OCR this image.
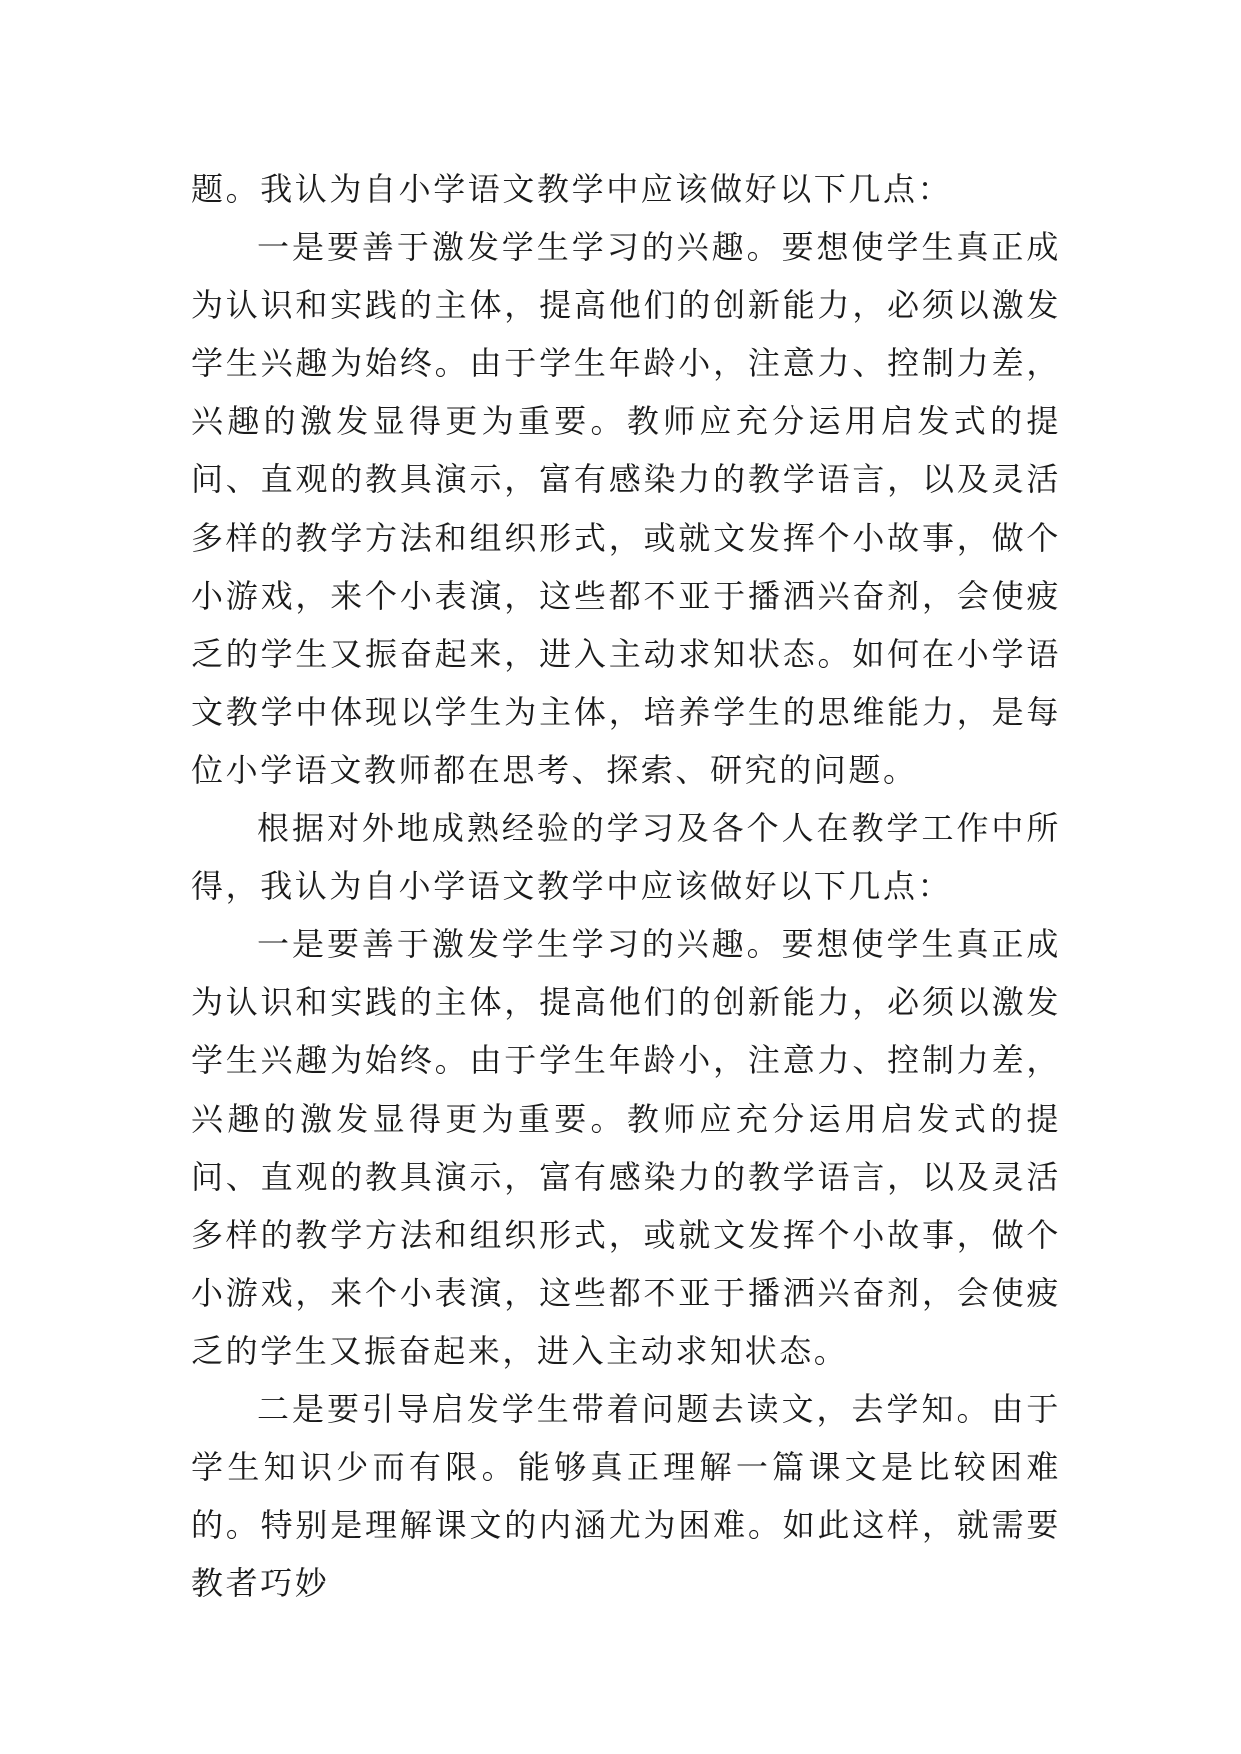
题。我认为自小学语文教学中应该做好以下几点：

一是要善于激发学生学习的兴趣。要想使学生真正成为认识和实践的主体，提高他们的创新能力，必须以激发学生兴趣为始终。由于学生年龄小，注意力、控制力差，兴趣的激发显得更为重要。教师应充分运用启发式的提问、直观的教具演示，富有感染力的教学语言，以及灵活多样的教学方法和组织形式，或就文发挥个小故事，做个小游戏，来个小表演，这些都不亚于播洒兴奋剂，会使疲乏的学生又振奋起来，进入主动求知状态。如何在小学语文教学中体现以学生为主体，培养学生的思维能力，是每位小学语文教师都在思考、探索、研究的问题。

根据对外地成熟经验的学习及各个人在教学工作中所得，我认为自小学语文教学中应该做好以下几点：

一是要善于激发学生学习的兴趣。要想使学生真正成为认识和实践的主体，提高他们的创新能力，必须以激发学生兴趣为始终。由于学生年龄小，注意力、控制力差，兴趣的激发显得更为重要。教师应充分运用启发式的提问、直观的教具演示，富有感染力的教学语言，以及灵活多样的教学方法和组织形式，或就文发挥个小故事，做个小游戏，来个小表演，这些都不亚于播洒兴奋剂，会使疲乏的学生又振奋起来，进入主动求知状态。

二是要引导启发学生带着问题去读文，去学知。由于学生知识少而有限。能够真正理解一篇课文是比较困难的。特别是理解课文的内涵尤为困难。如此这样，就需要教者巧妙
